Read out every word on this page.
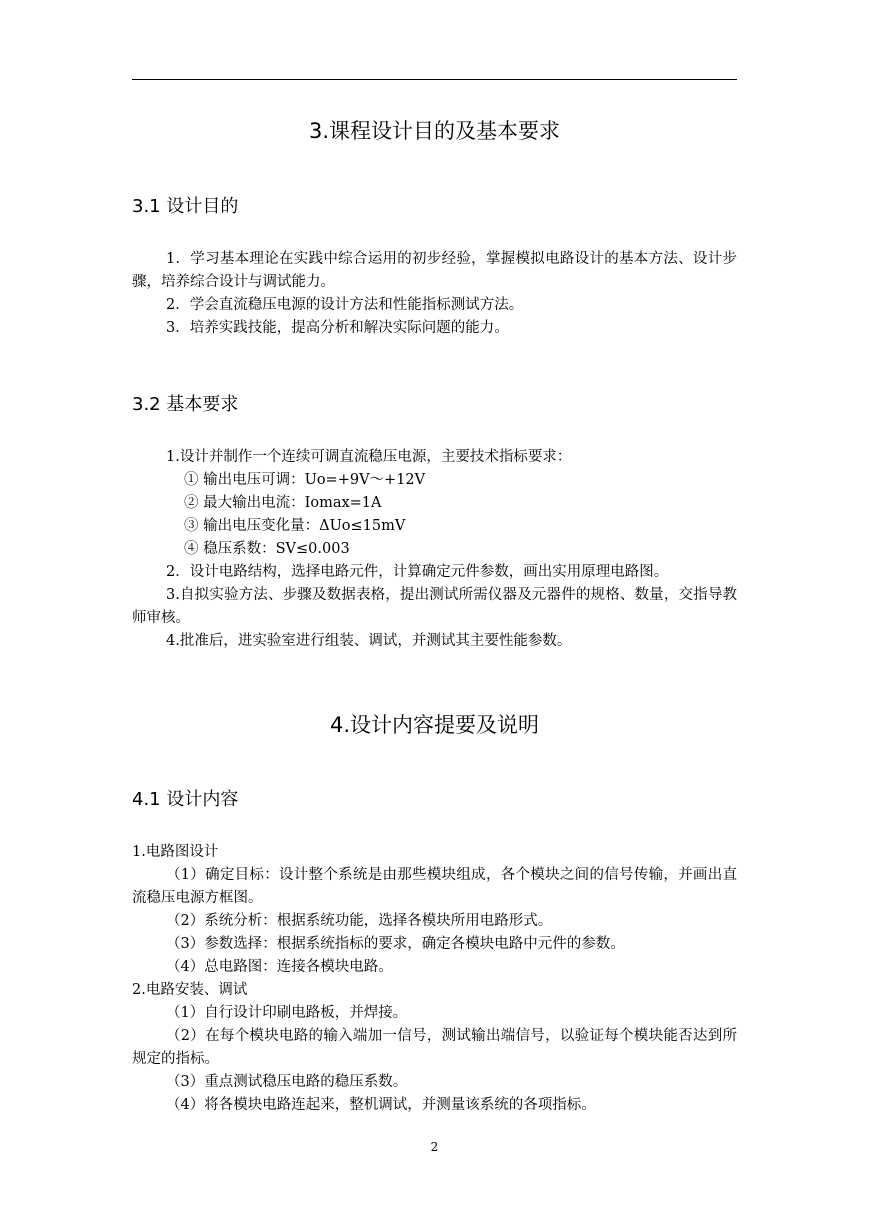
3.课程设计目的及基本要求
3.1 设计目的

1．学习基本理论在实践中综合运用的初步经验，掌握模拟电路设计的基本方法、设计步骤，培养综合设计与调试能力。

2．学会直流稳压电源的设计方法和性能指标测试方法。

3．培养实践技能，提高分析和解决实际问题的能力。

3.2 基本要求

1.设计并制作一个连续可调直流稳压电源，主要技术指标要求：

① 输出电压可调：Uo=+9V～+12V

② 最大输出电流：Iomax=1A

③ 输出电压变化量：ΔUo≤15mV

④ 稳压系数：SV≤0.003

2．设计电路结构，选择电路元件，计算确定元件参数，画出实用原理电路图。

3.自拟实验方法、步骤及数据表格，提出测试所需仪器及元器件的规格、数量，交指导教师审核。

4.批准后，进实验室进行组装、调试，并测试其主要性能参数。

4.设计内容提要及说明
4.1 设计内容

1.电路图设计

（1）确定目标：设计整个系统是由那些模块组成，各个模块之间的信号传输，并画出直流稳压电源方框图。

（2）系统分析：根据系统功能，选择各模块所用电路形式。

（3）参数选择：根据系统指标的要求，确定各模块电路中元件的参数。

（4）总电路图：连接各模块电路。

2.电路安装、调试

（1）自行设计印刷电路板，并焊接。

（2）在每个模块电路的输入端加一信号，测试输出端信号，以验证每个模块能否达到所规定的指标。

（3）重点测试稳压电路的稳压系数。

（4）将各模块电路连起来，整机调试，并测量该系统的各项指标。

2
